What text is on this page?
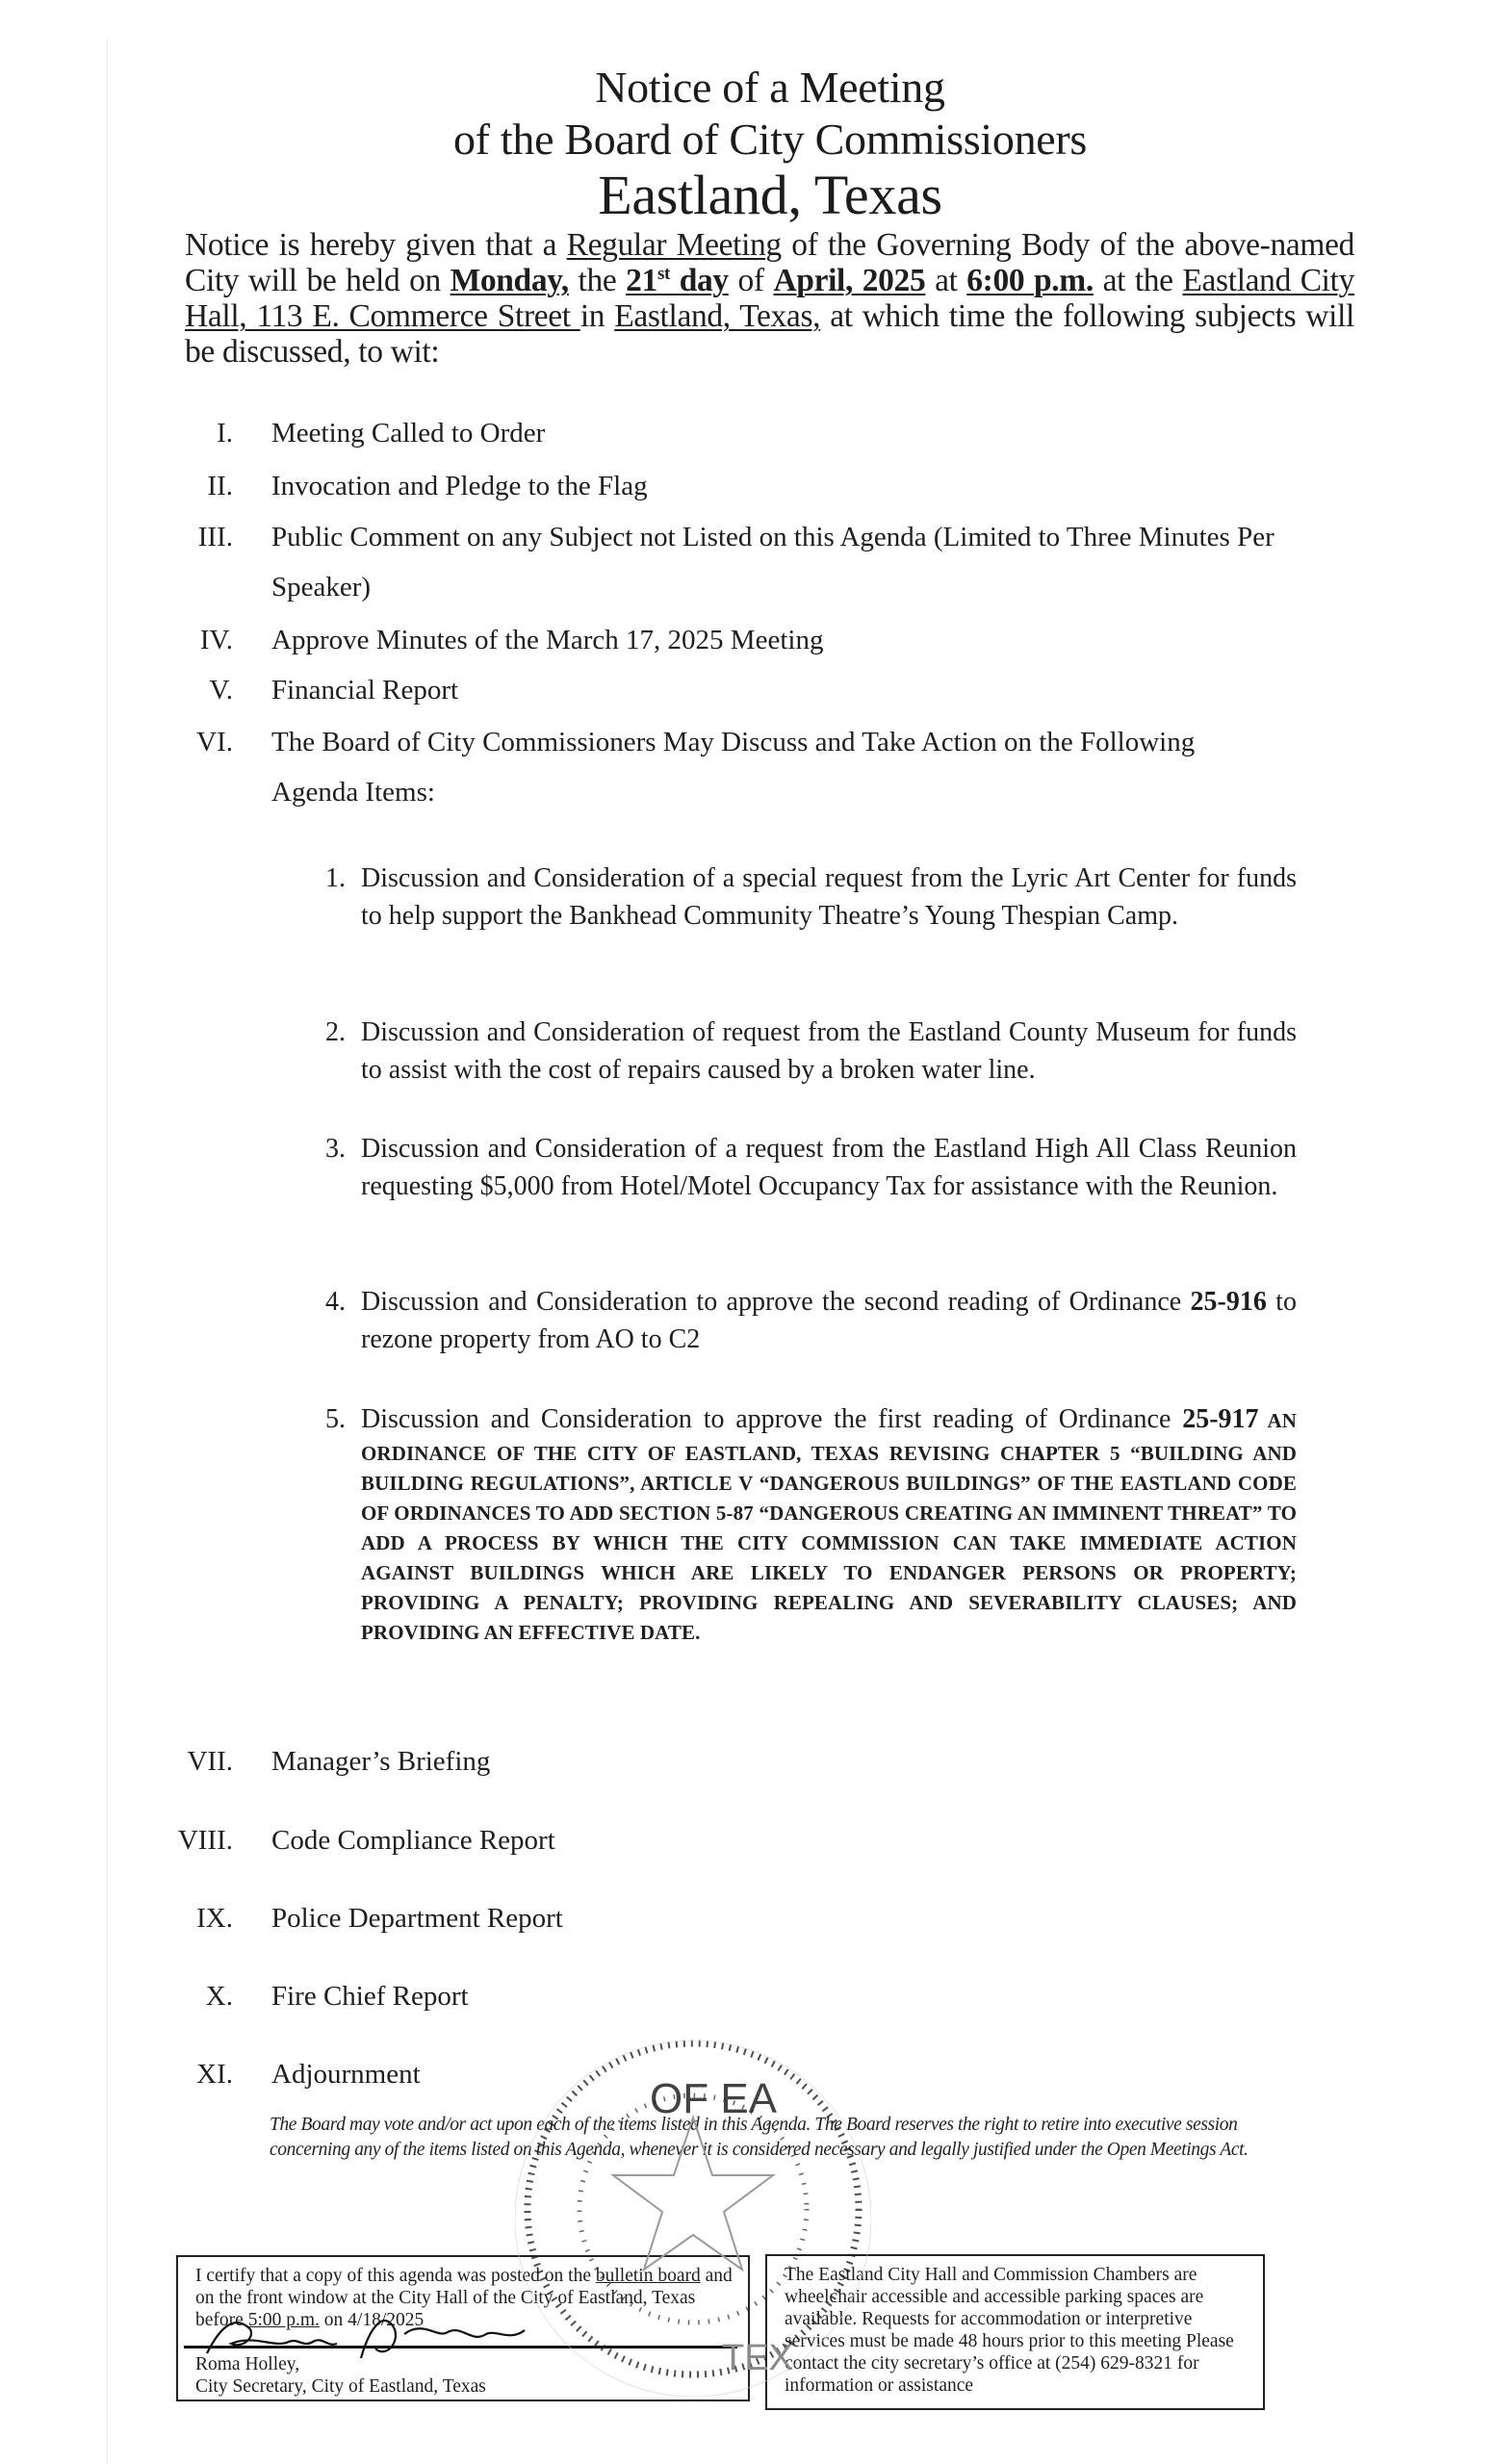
Notice of a Meeting
of the Board of City Commissioners
Eastland, Texas
Notice is hereby given that a Regular Meeting of the Governing Body of the above-named City will be held on Monday, the 21st day of April, 2025 at 6:00 p.m. at the Eastland City Hall, 113 E. Commerce Street in Eastland, Texas, at which time the following subjects will be discussed, to wit:
I. Meeting Called to Order
II. Invocation and Pledge to the Flag
III. Public Comment on any Subject not Listed on this Agenda (Limited to Three Minutes Per Speaker)
IV. Approve Minutes of the March 17, 2025 Meeting
V. Financial Report
VI. The Board of City Commissioners May Discuss and Take Action on the Following Agenda Items:
1. Discussion and Consideration of a special request from the Lyric Art Center for funds to help support the Bankhead Community Theatre’s Young Thespian Camp.
2. Discussion and Consideration of request from the Eastland County Museum for funds to assist with the cost of repairs caused by a broken water line.
3. Discussion and Consideration of a request from the Eastland High All Class Reunion requesting $5,000 from Hotel/Motel Occupancy Tax for assistance with the Reunion.
4. Discussion and Consideration to approve the second reading of Ordinance 25-916 to rezone property from AO to C2
5. Discussion and Consideration to approve the first reading of Ordinance 25-917 AN ORDINANCE OF THE CITY OF EASTLAND, TEXAS REVISING CHAPTER 5 “BUILDING AND BUILDING REGULATIONS”, ARTICLE V “DANGEROUS BUILDINGS” OF THE EASTLAND CODE OF ORDINANCES TO ADD SECTION 5-87 “DANGEROUS CREATING AN IMMINENT THREAT” TO ADD A PROCESS BY WHICH THE CITY COMMISSION CAN TAKE IMMEDIATE ACTION AGAINST BUILDINGS WHICH ARE LIKELY TO ENDANGER PERSONS OR PROPERTY; PROVIDING A PENALTY; PROVIDING REPEALING AND SEVERABILITY CLAUSES; AND PROVIDING AN EFFECTIVE DATE.
VII. Manager’s Briefing
VIII. Code Compliance Report
IX. Police Department Report
X. Fire Chief Report
XI. Adjournment
The Board may vote and/or act upon each of the items listed in this Agenda. The Board reserves the right to retire into executive session concerning any of the items listed on this Agenda, whenever it is considered necessary and legally justified under the Open Meetings Act.
I certify that a copy of this agenda was posted on the bulletin board and on the front window at the City Hall of the City of Eastland, Texas before 5:00 p.m. on 4/18/2025
Roma Holley,
City Secretary, City of Eastland, Texas
The Eastland City Hall and Commission Chambers are wheelchair accessible and accessible parking spaces are available. Requests for accommodation or interpretive services must be made 48 hours prior to this meeting Please contact the city secretary’s office at (254) 629-8321 for information or assistance
OF EA
TEX
